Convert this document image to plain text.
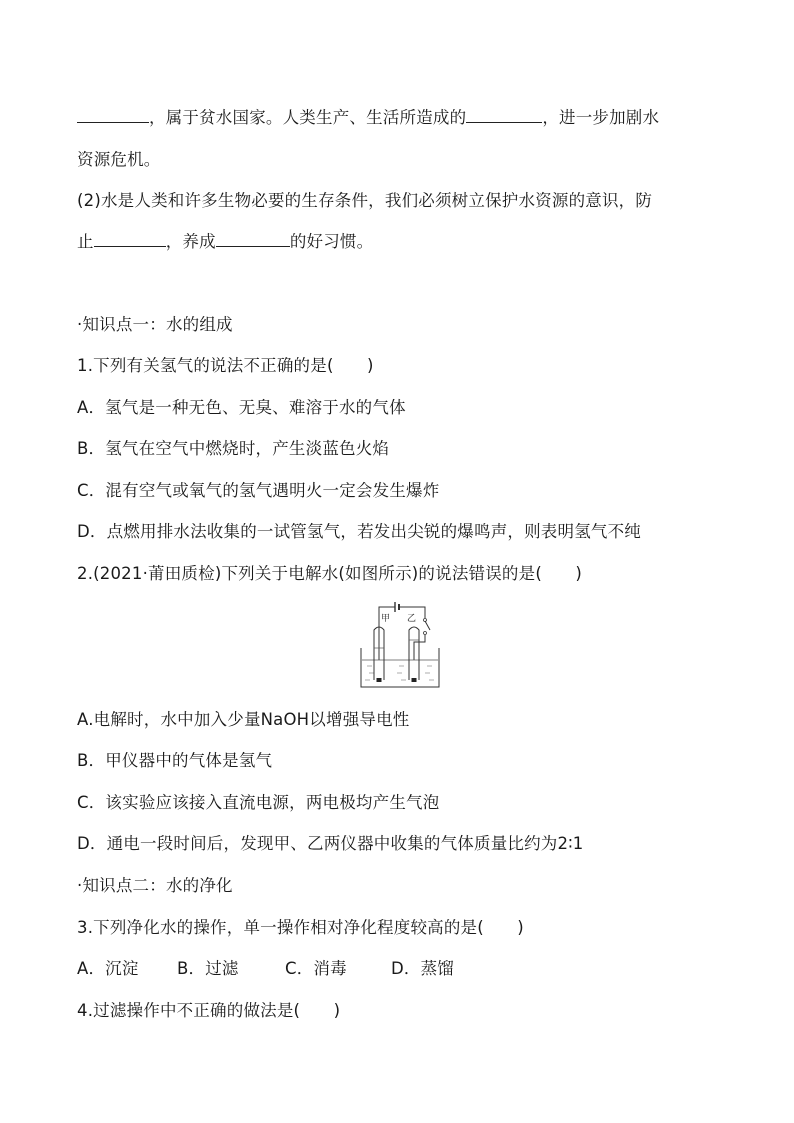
，属于贫水国家。人类生产、生活所造成的	，进一步加剧水
资源危机。
(2)水是人类和许多生物必要的生存条件，我们必须树立保护水资源的意识，防
止	，养成	的好习惯。
·知识点一：水的组成
1.下列有关氢气的说法不正确的是(　　)
A．氢气是一种无色、无臭、难溶于水的气体
B．氢气在空气中燃烧时，产生淡蓝色火焰
C．混有空气或氧气的氢气遇明火一定会发生爆炸
D．点燃用排水法收集的一试管氢气，若发出尖锐的爆鸣声，则表明氢气不纯
2.(2021·莆田质检)下列关于电解水(如图所示)的说法错误的是(　　)
甲 乙
A.电解时，水中加入少量NaOH以增强导电性
B．甲仪器中的气体是氢气
C．该实验应该接入直流电源，两电极均产生气泡
D．通电一段时间后，发现甲、乙两仪器中收集的气体质量比约为2∶1
·知识点二：水的净化
3.下列净化水的操作，单一操作相对净化程度较高的是(　　)
A．沉淀 B．过滤	C．消毒	D．蒸馏
4.过滤操作中不正确的做法是(　　)
